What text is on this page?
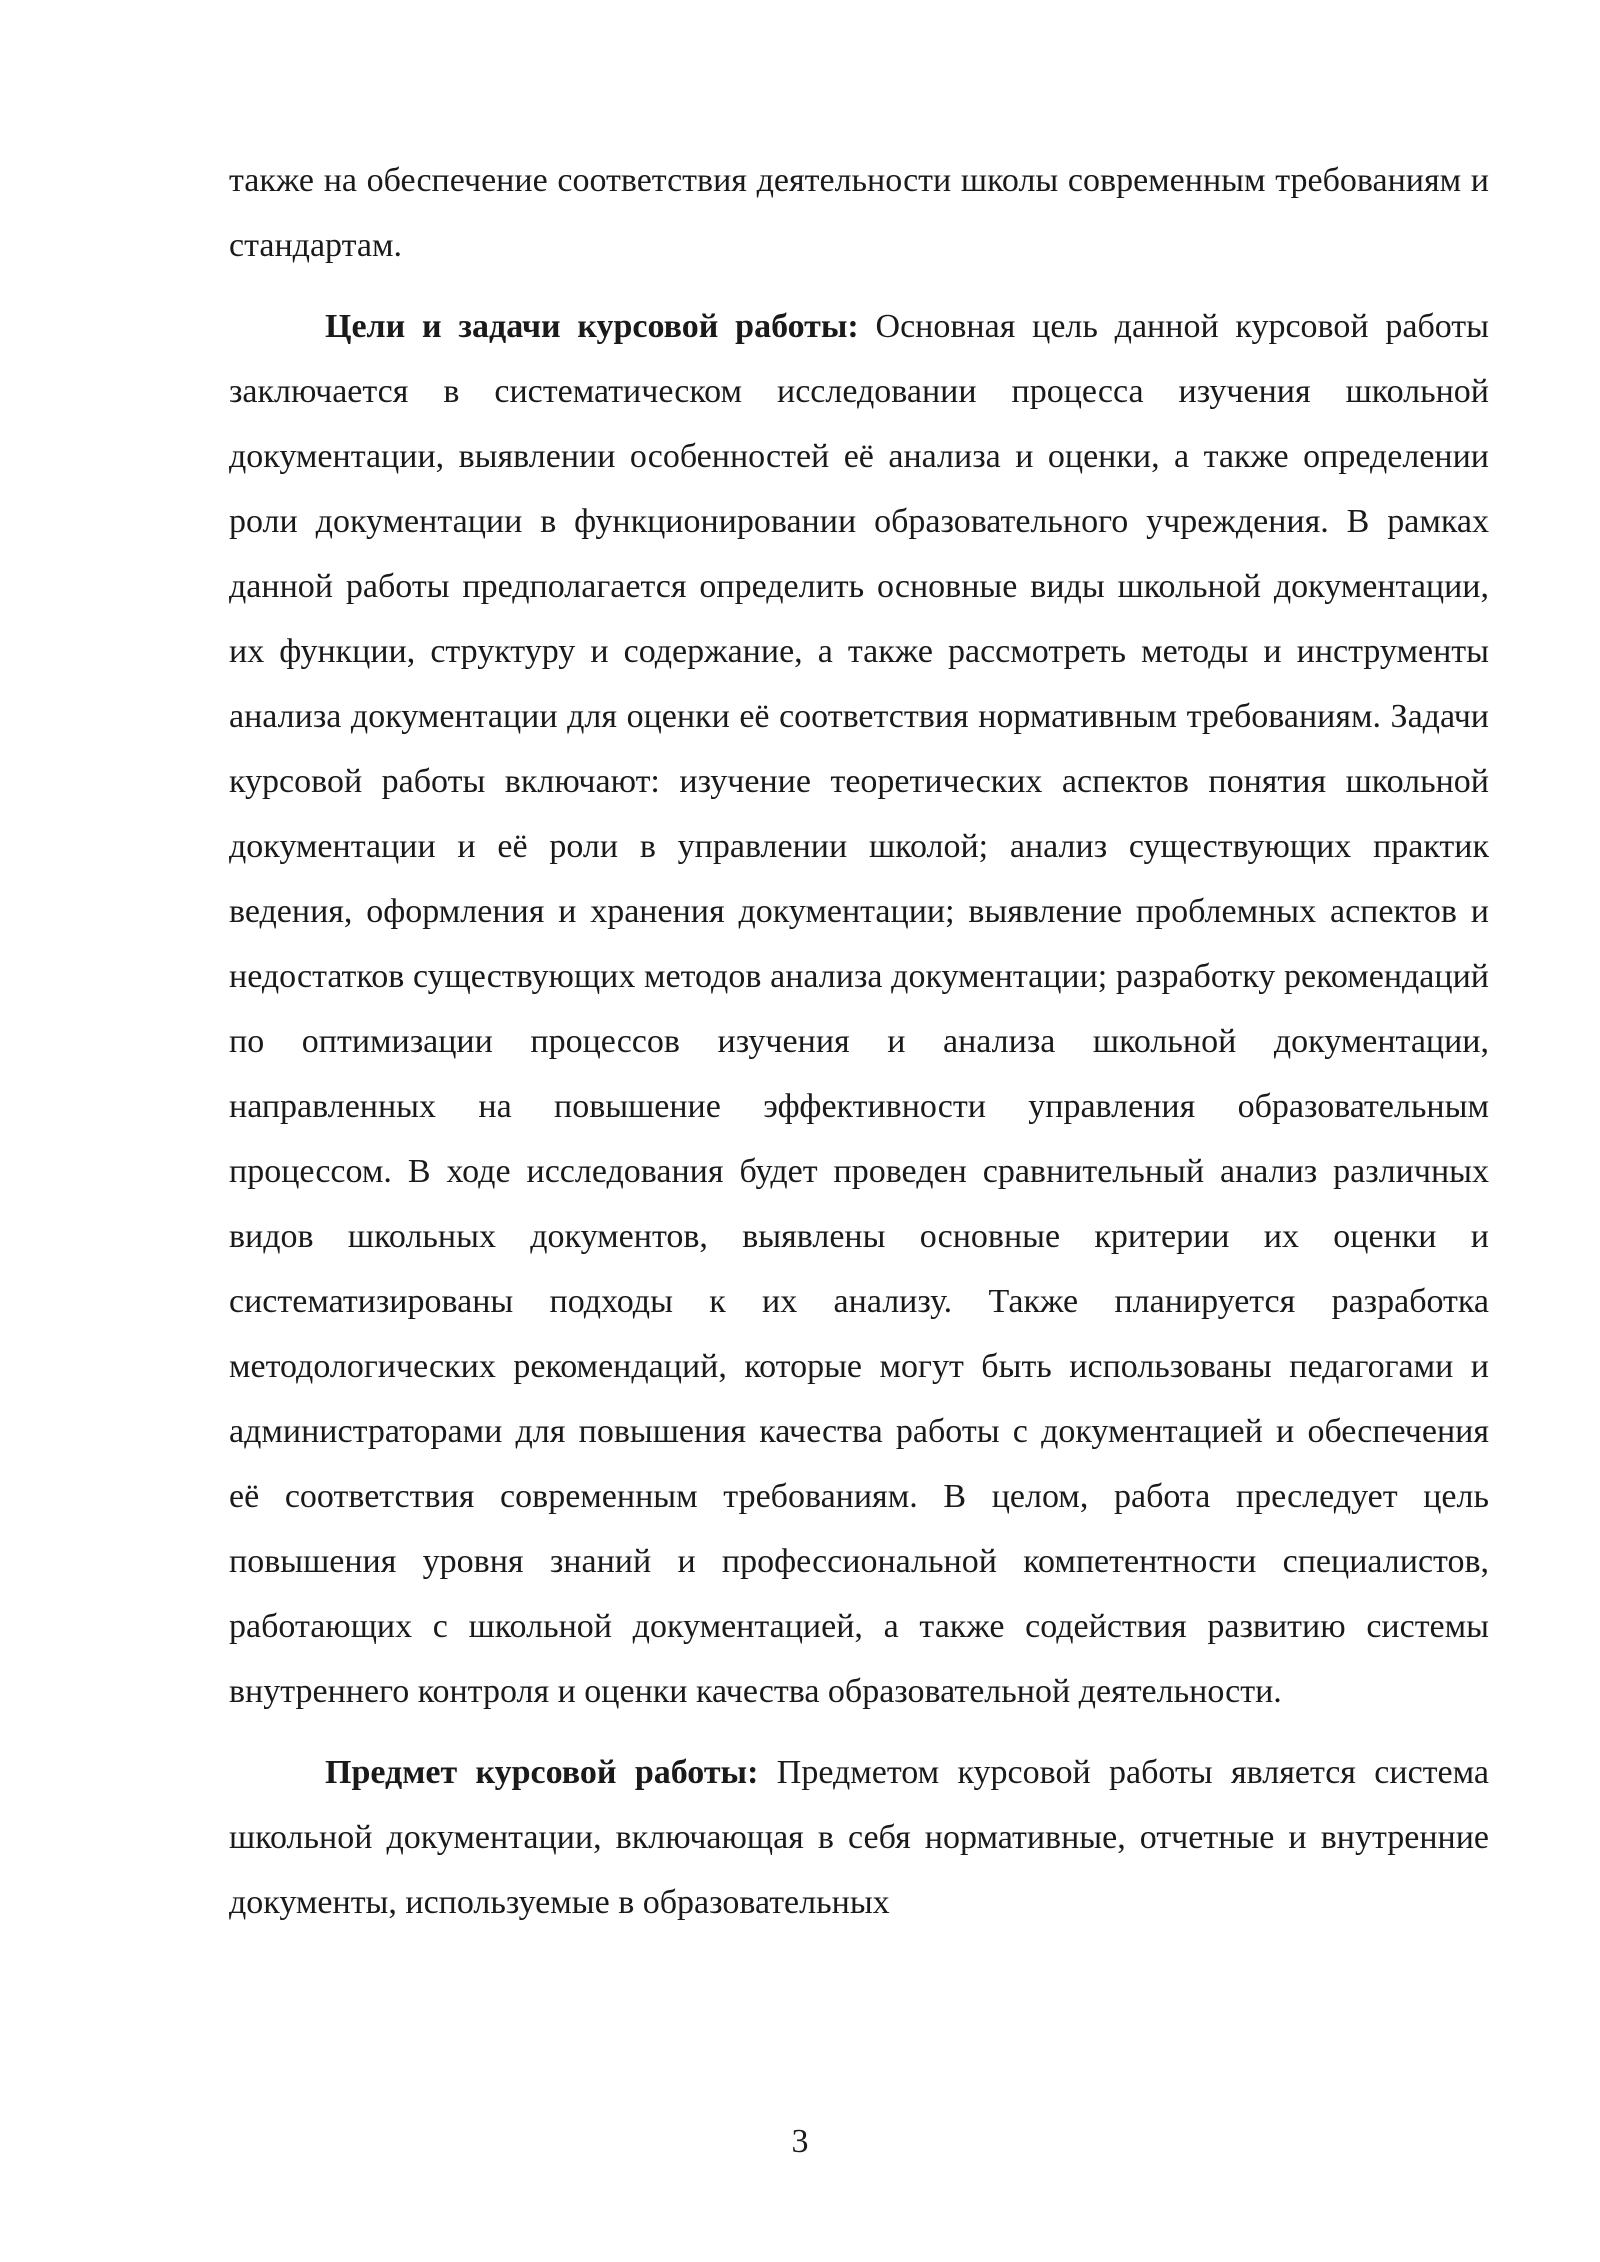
также на обеспечение соответствия деятельности школы современным требованиям и стандартам.

Цели и задачи курсовой работы: Основная цель данной курсовой работы заключается в систематическом исследовании процесса изучения школьной документации, выявлении особенностей её анализа и оценки, а также определении роли документации в функционировании образовательного учреждения. В рамках данной работы предполагается определить основные виды школьной документации, их функции, структуру и содержание, а также рассмотреть методы и инструменты анализа документации для оценки её соответствия нормативным требованиям. Задачи курсовой работы включают: изучение теоретических аспектов понятия школьной документации и её роли в управлении школой; анализ существующих практик ведения, оформления и хранения документации; выявление проблемных аспектов и недостатков существующих методов анализа документации; разработку рекомендаций по оптимизации процессов изучения и анализа школьной документации, направленных на повышение эффективности управления образовательным процессом. В ходе исследования будет проведен сравнительный анализ различных видов школьных документов, выявлены основные критерии их оценки и систематизированы подходы к их анализу. Также планируется разработка методологических рекомендаций, которые могут быть использованы педагогами и администраторами для повышения качества работы с документацией и обеспечения её соответствия современным требованиям. В целом, работа преследует цель повышения уровня знаний и профессиональной компетентности специалистов, работающих с школьной документацией, а также содействия развитию системы внутреннего контроля и оценки качества образовательной деятельности.

Предмет курсовой работы: Предметом курсовой работы является система школьной документации, включающая в себя нормативные, отчетные и внутренние документы, используемые в образовательных

3
